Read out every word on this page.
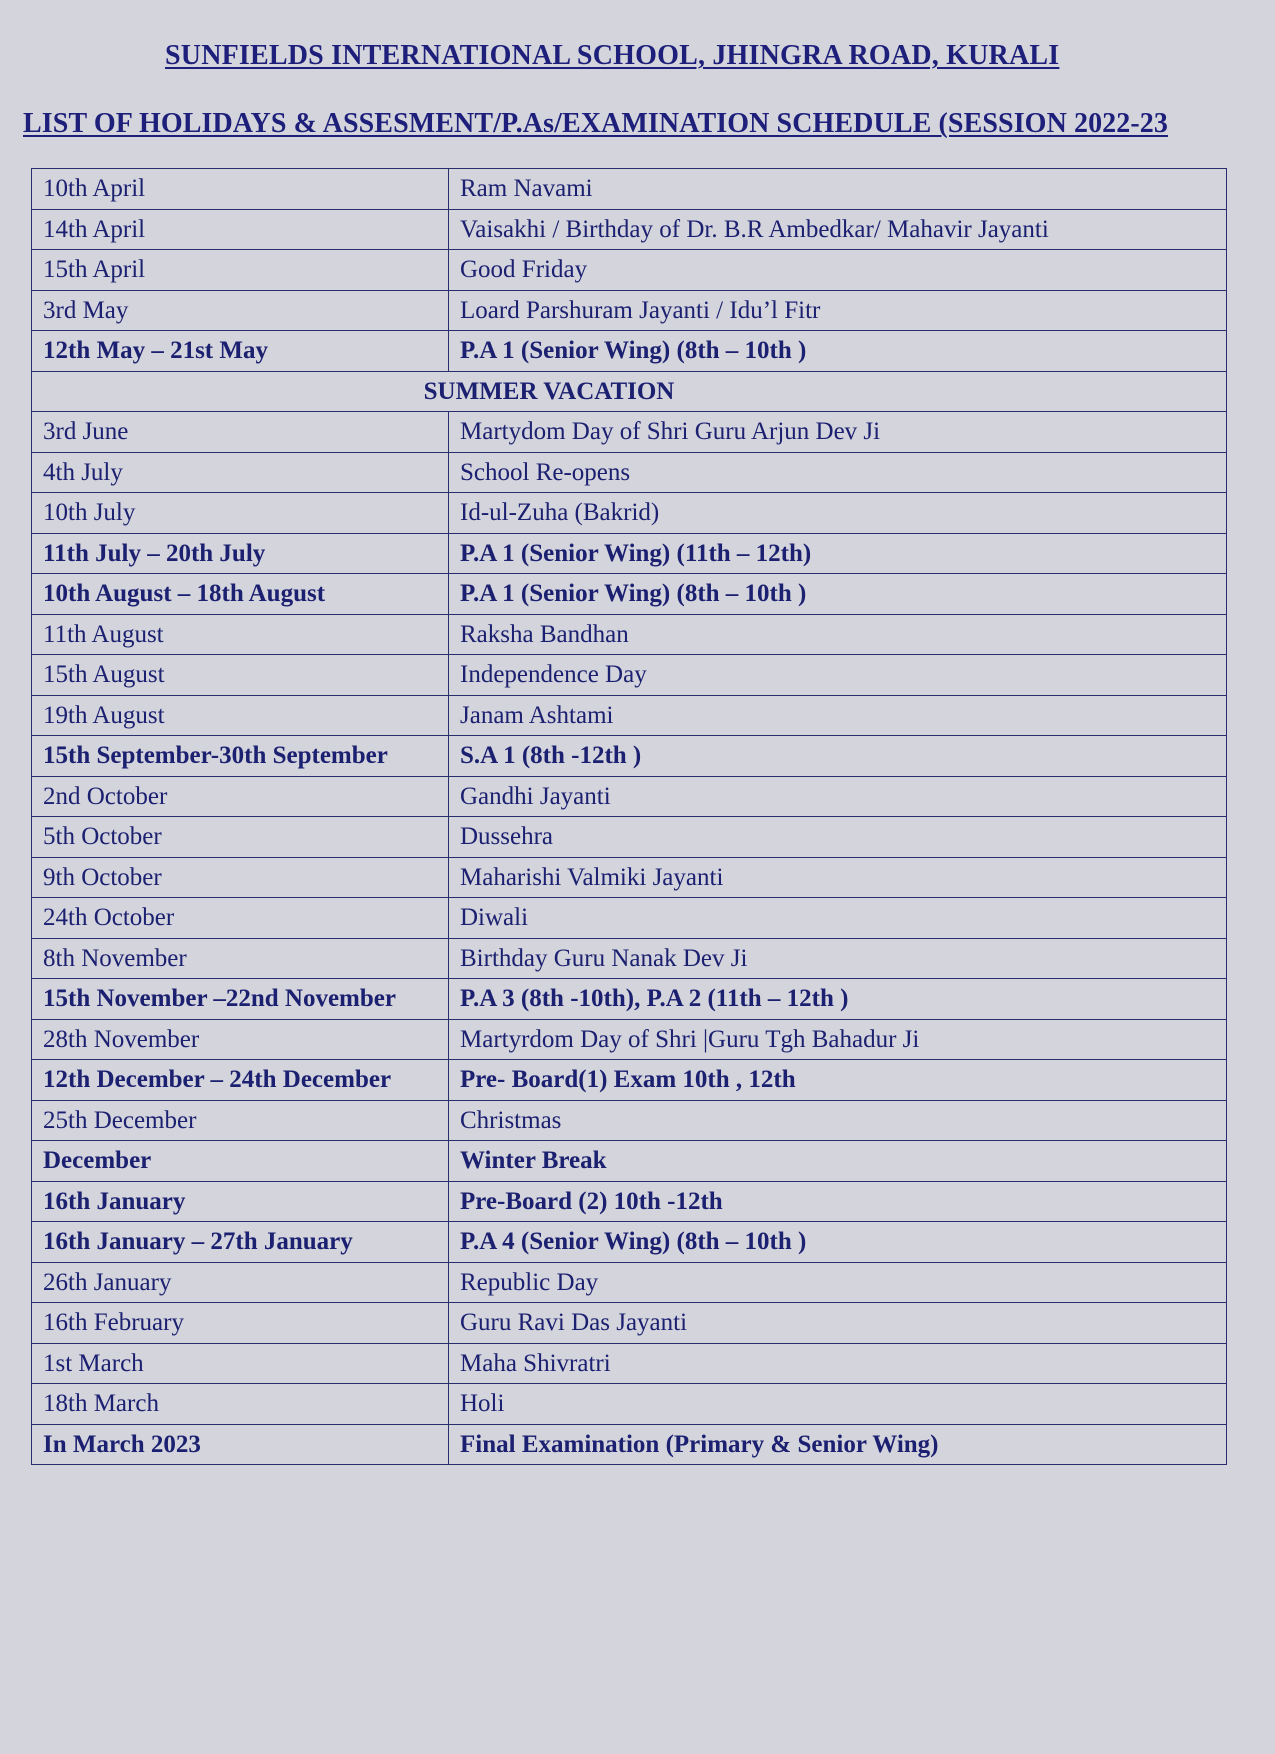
SUNFIELDS INTERNATIONAL SCHOOL, JHINGRA ROAD, KURALI
LIST OF HOLIDAYS & ASSESMENT/P.As/EXAMINATION SCHEDULE (SESSION 2022-23
10th April	Ram Navami
14th April	Vaisakhi / Birthday of Dr. B.R Ambedkar/ Mahavir Jayanti
15th April	Good Friday
3rd May	Loard Parshuram Jayanti / Idu’l Fitr
12th May – 21st May	P.A 1 (Senior Wing) (8th – 10th )
SUMMER VACATION	
3rd June	Martydom Day of Shri Guru Arjun Dev Ji
4th July	School Re-opens
10th July	Id-ul-Zuha (Bakrid)
11th July – 20th July	P.A 1 (Senior Wing) (11th – 12th)
10th August – 18th August	P.A 1 (Senior Wing) (8th – 10th )
11th August	Raksha Bandhan
15th August	Independence Day
19th August	Janam Ashtami
15th September-30th September	S.A 1 (8th -12th )
2nd October	Gandhi Jayanti
5th October	Dussehra
9th October	Maharishi Valmiki Jayanti
24th October	Diwali
8th November	Birthday Guru Nanak Dev Ji
15th November –22nd November	P.A 3 (8th -10th), P.A 2 (11th – 12th )
28th November	Martyrdom Day of Shri |Guru Tgh Bahadur Ji
12th December – 24th December	Pre- Board(1) Exam 10th , 12th
25th December	Christmas
December	Winter Break
16th January	Pre-Board (2) 10th -12th
16th January – 27th January	P.A 4 (Senior Wing) (8th – 10th )
26th January	Republic Day
16th February	Guru Ravi Das Jayanti
1st March	Maha Shivratri
18th March	Holi
In March 2023	Final Examination (Primary & Senior Wing)
